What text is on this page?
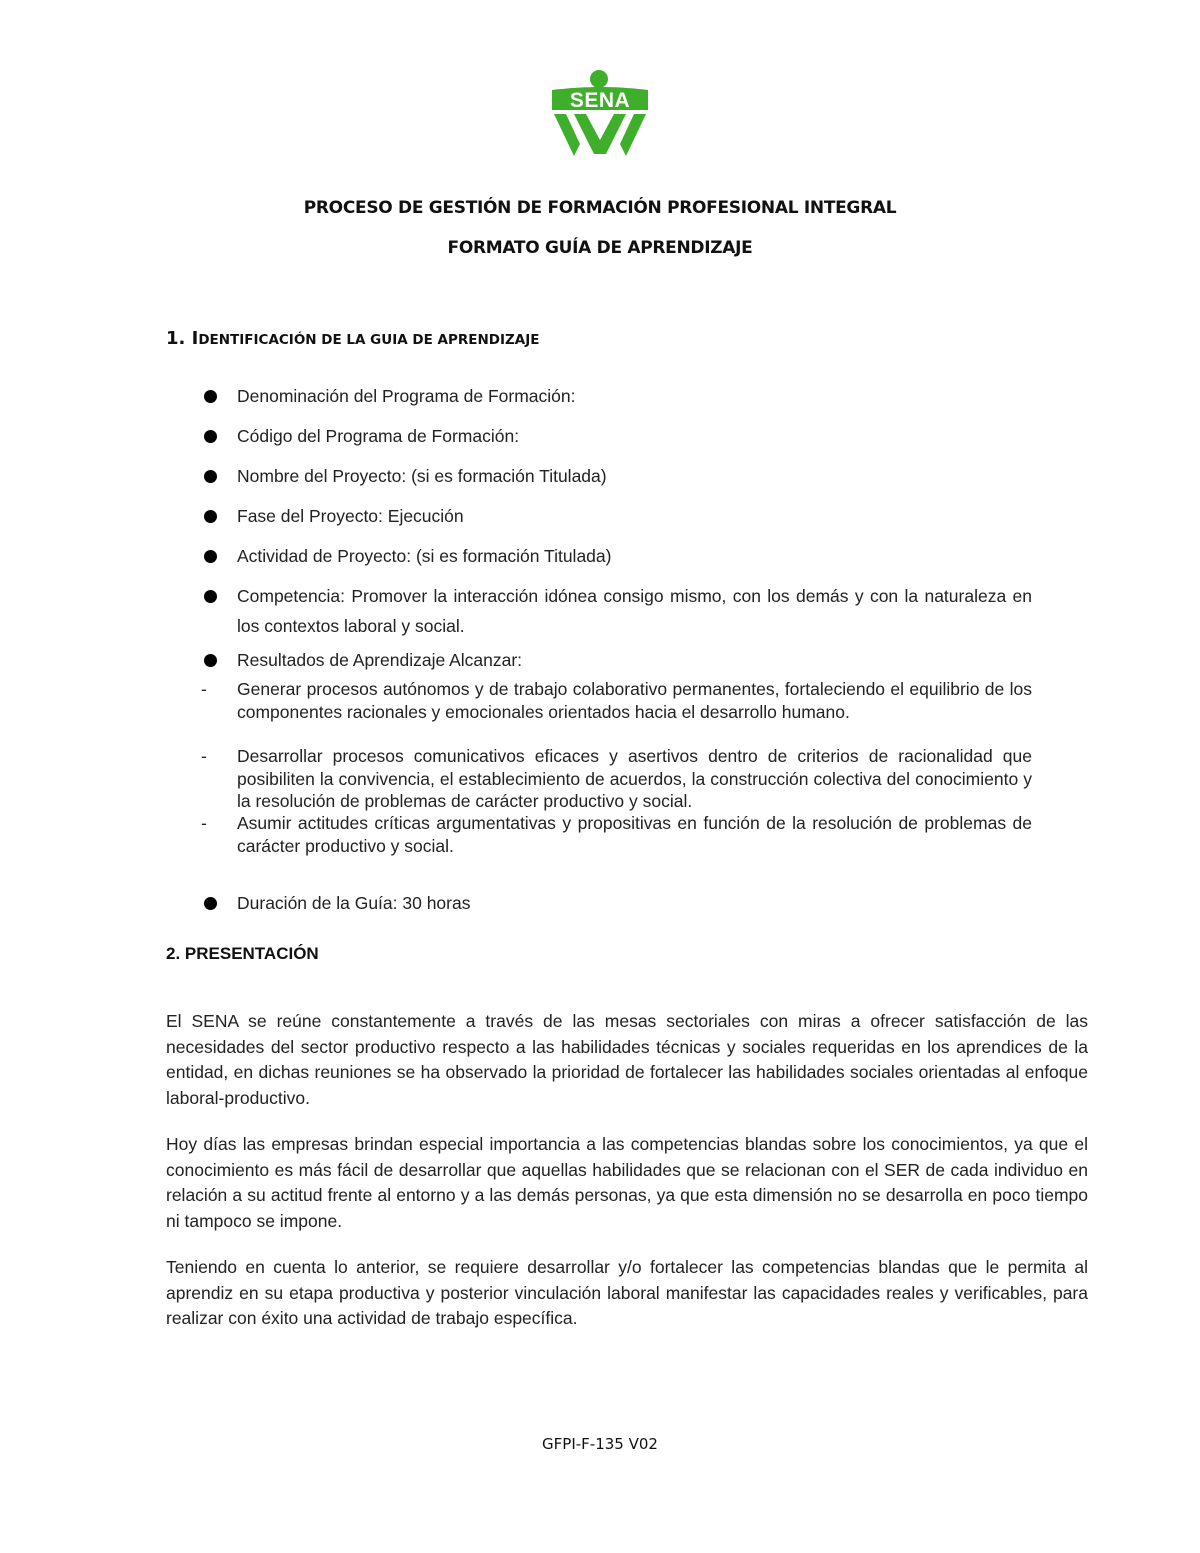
SENA
PROCESO DE GESTIÓN DE FORMACIÓN PROFESIONAL INTEGRAL
FORMATO GUÍA DE APRENDIZAJE
1. IDENTIFICACIÓN DE LA GUIA DE APRENDIZAJE
Denominación del Programa de Formación:
Código del Programa de Formación:
Nombre del Proyecto: (si es formación Titulada)
Fase del Proyecto: Ejecución
Actividad de Proyecto: (si es formación Titulada)
Competencia: Promover la interacción idónea consigo mismo, con los demás y con la naturaleza en los contextos laboral y social.
Resultados de Aprendizaje Alcanzar:
- Generar procesos autónomos y de trabajo colaborativo permanentes, fortaleciendo el equilibrio de los componentes racionales y emocionales orientados hacia el desarrollo humano.
- Desarrollar procesos comunicativos eficaces y asertivos dentro de criterios de racionalidad que posibiliten la convivencia, el establecimiento de acuerdos, la construcción colectiva del conocimiento y la resolución de problemas de carácter productivo y social.
- Asumir actitudes críticas argumentativas y propositivas en función de la resolución de problemas de carácter productivo y social.
Duración de la Guía: 30 horas
2. PRESENTACIÓN
El SENA se reúne constantemente a través de las mesas sectoriales con miras a ofrecer satisfacción de las necesidades del sector productivo respecto a las habilidades técnicas y sociales requeridas en los aprendices de la entidad, en dichas reuniones se ha observado la prioridad de fortalecer las habilidades sociales orientadas al enfoque laboral-productivo.
Hoy días las empresas brindan especial importancia a las competencias blandas sobre los conocimientos, ya que el conocimiento es más fácil de desarrollar que aquellas habilidades que se relacionan con el SER de cada individuo en relación a su actitud frente al entorno y a las demás personas, ya que esta dimensión no se desarrolla en poco tiempo ni tampoco se impone.
Teniendo en cuenta lo anterior, se requiere desarrollar y/o fortalecer las competencias blandas que le permita al aprendiz en su etapa productiva y posterior vinculación laboral manifestar las capacidades reales y verificables, para realizar con éxito una actividad de trabajo específica.
GFPI-F-135 V02
